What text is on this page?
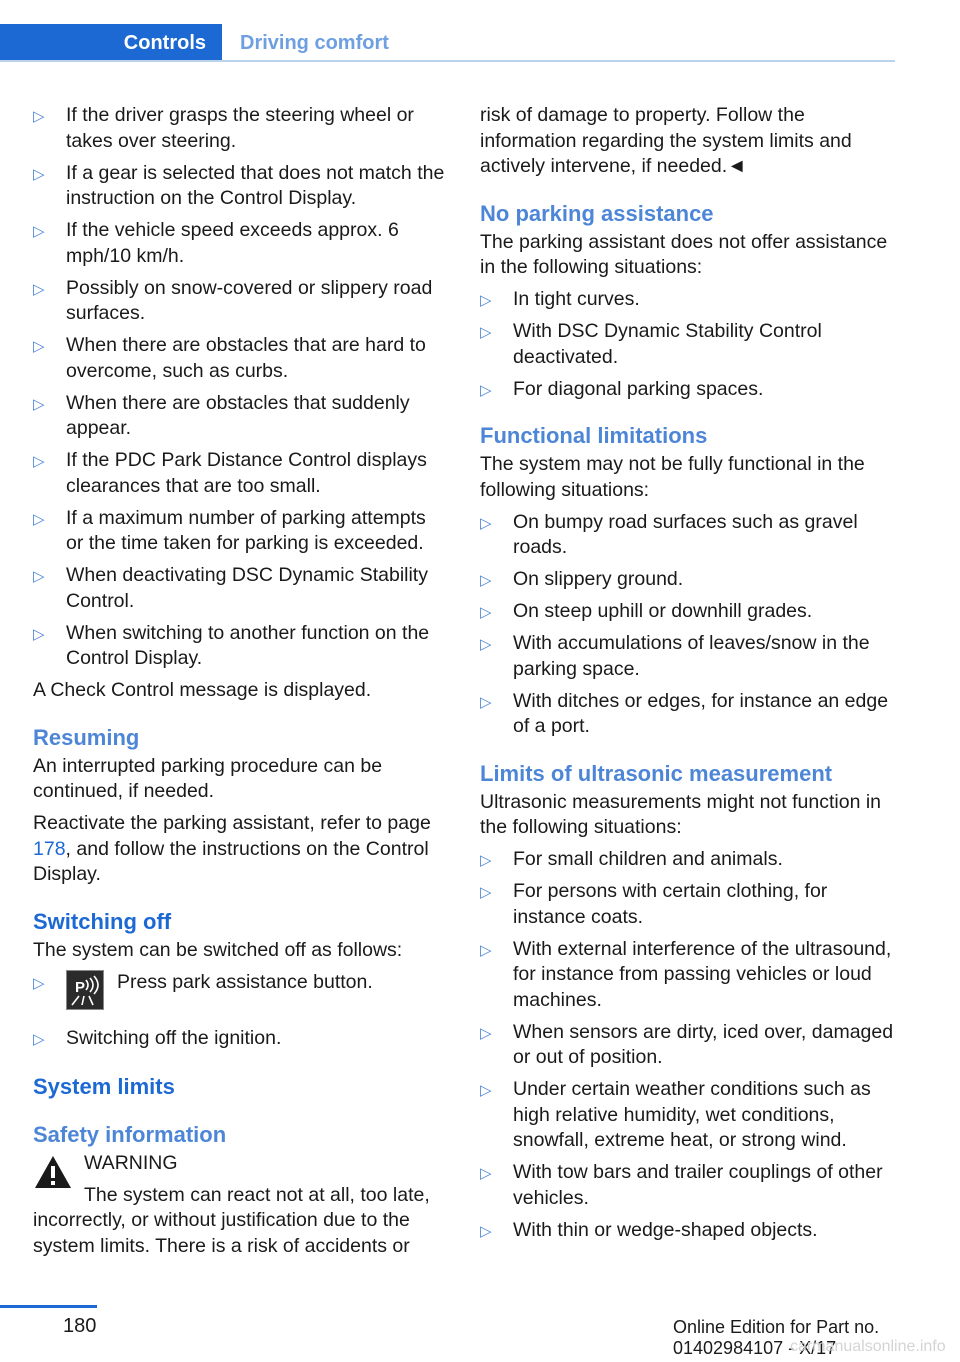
Controls	Driving comfort
▷ If the driver grasps the steering wheel or takes over steering.
▷ If a gear is selected that does not match the instruction on the Control Display.
▷ If the vehicle speed exceeds approx. 6 mph/10 km/h.
▷ Possibly on snow-covered or slippery road surfaces.
▷ When there are obstacles that are hard to overcome, such as curbs.
▷ When there are obstacles that suddenly appear.
▷ If the PDC Park Distance Control displays clearances that are too small.
▷ If a maximum number of parking attempts or the time taken for parking is exceeded.
▷ When deactivating DSC Dynamic Stability Control.
▷ When switching to another function on the Control Display.

A Check Control message is displayed.

Resuming

An interrupted parking procedure can be continued, if needed.

Reactivate the parking assistant, refer to page 178, and follow the instructions on the Control Display.

Switching off

The system can be switched off as follows:

▷ P Press park assistance button.
▷ Switching off the ignition.
System limits
Safety information
WARNING

The system can react not at all, too late, incorrectly, or without justification due to the system limits. There is a risk of accidents or

risk of damage to property. Follow the information regarding the system limits and actively intervene, if needed.◄

No parking assistance

The parking assistant does not offer assistance in the following situations:

▷ In tight curves.
▷ With DSC Dynamic Stability Control deactivated.
▷ For diagonal parking spaces.
Functional limitations

The system may not be fully functional in the following situations:

▷ On bumpy road surfaces such as gravel roads.
▷ On slippery ground.
▷ On steep uphill or downhill grades.
▷ With accumulations of leaves/snow in the parking space.
▷ With ditches or edges, for instance an edge of a port.
Limits of ultrasonic measurement

Ultrasonic measurements might not function in the following situations:

▷ For small children and animals.
▷ For persons with certain clothing, for instance coats.
▷ With external interference of the ultrasound, for instance from passing vehicles or loud machines.
▷ When sensors are dirty, iced over, damaged or out of position.
▷ Under certain weather conditions such as high relative humidity, wet conditions, snowfall, extreme heat, or strong wind.
▷ With tow bars and trailer couplings of other vehicles.
▷ With thin or wedge-shaped objects.
180	Online Edition for Part no. 01402984107 - X/17
carmanualsonline.info
